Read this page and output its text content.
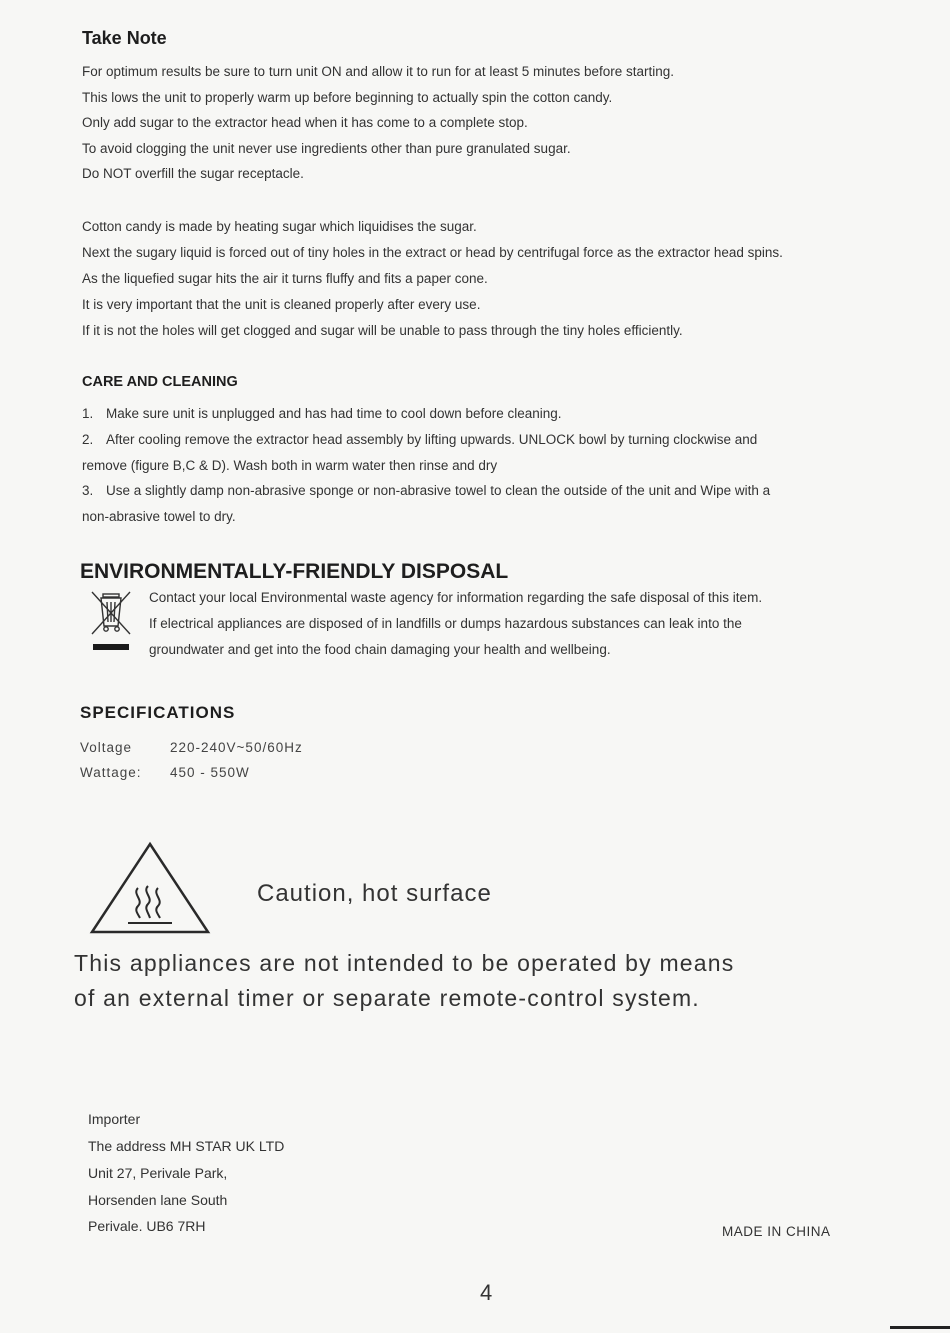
Take Note
For optimum results be sure to turn unit ON and allow it to run for at least 5 minutes before starting.
This lows the unit to properly warm up before beginning to actually spin the cotton candy.
Only add sugar to the extractor head when it has come to a complete stop.
To avoid clogging the unit never use ingredients other than pure granulated sugar.
Do NOT overfill the sugar receptacle.
Cotton candy is made by heating sugar which liquidises the sugar.
Next the sugary liquid is forced out of tiny holes in the extract or head by centrifugal force as the extractor head spins.
As the liquefied sugar hits the air it turns fluffy and fits a paper cone.
It is very important that the unit is cleaned properly after every use.
If it is not the holes will get clogged and sugar will be unable to pass through the tiny holes efficiently.
CARE AND CLEANING
1. Make sure unit is unplugged and has had time to cool down before cleaning.
2. After cooling remove the extractor head assembly by lifting upwards. UNLOCK bowl by turning clockwise and
remove (figure B,C & D). Wash both in warm water then rinse and dry
3. Use a slightly damp non-abrasive sponge or non-abrasive towel to clean the outside of the unit and Wipe with a
non-abrasive towel to dry.
ENVIRONMENTALLY-FRIENDLY DISPOSAL
Contact your local Environmental waste agency for information regarding the safe disposal of this item.
If electrical appliances are disposed of in landfills or dumps hazardous substances can leak into the
groundwater and get into the food chain damaging your health and wellbeing.
SPECIFICATIONS
Voltage	220-240V~50/60Hz
Wattage: 450 - 550W
Caution, hot surface
This appliances are not intended to be operated by means
of an external timer or separate remote-control system.
Importer
The address MH STAR UK LTD
Unit 27, Perivale Park,
Horsenden lane South
Perivale. UB6 7RH	MADE IN CHINA
4
